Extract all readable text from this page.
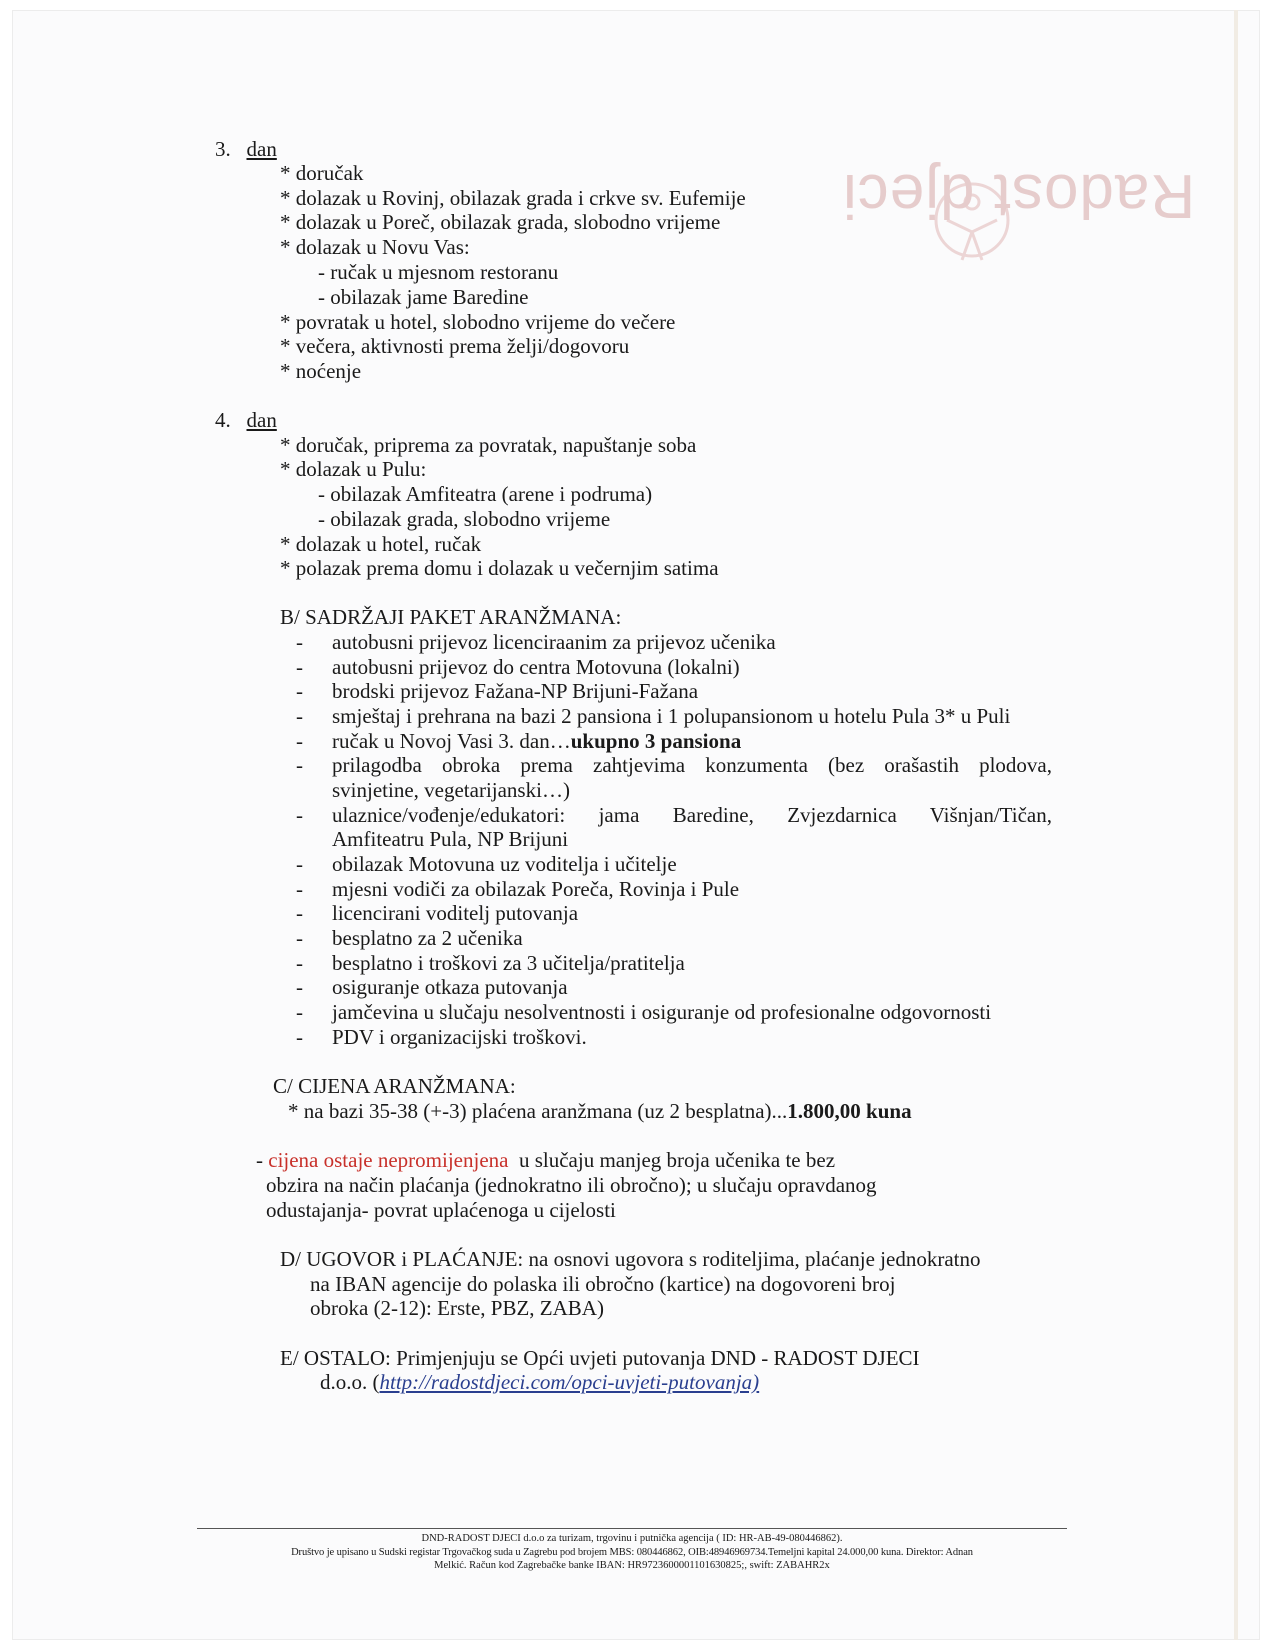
Radost djeci
3. dan
* doručak
* dolazak u Rovinj, obilazak grada i crkve sv. Eufemije
* dolazak u Poreč, obilazak grada, slobodno vrijeme
* dolazak u Novu Vas:
- ručak u mjesnom restoranu
- obilazak jame Baredine
* povratak u hotel, slobodno vrijeme do večere
* večera, aktivnosti prema želji/dogovoru
* noćenje
4. dan
* doručak, priprema za povratak, napuštanje soba
* dolazak u Pulu:
- obilazak Amfiteatra (arene i podruma)
- obilazak grada, slobodno vrijeme
* dolazak u hotel, ručak
* polazak prema domu i dolazak u večernjim satima
B/ SADRŽAJI PAKET ARANŽMANA:
- autobusni prijevoz licenciraanim za prijevoz učenika
- autobusni prijevoz do centra Motovuna (lokalni)
- brodski prijevoz Fažana-NP Brijuni-Fažana
- smještaj i prehrana na bazi 2 pansiona i 1 polupansionom u hotelu Pula 3* u Puli
- ručak u Novoj Vasi 3. dan…ukupno 3 pansiona
- prilagodba obroka prema zahtjevima konzumenta (bez orašastih plodova,
svinjetine, vegetarijanski…)
- ulaznice/vođenje/edukatori: jama Baredine, Zvjezdarnica Višnjan/Tičan,
Amfiteatru Pula, NP Brijuni
- obilazak Motovuna uz voditelja i učitelje
- mjesni vodiči za obilazak Poreča, Rovinja i Pule
- licencirani voditelj putovanja
- besplatno za 2 učenika
- besplatno i troškovi za 3 učitelja/pratitelja
- osiguranje otkaza putovanja
- jamčevina u slučaju nesolventnosti i osiguranje od profesionalne odgovornosti
- PDV i organizacijski troškovi.
C/ CIJENA ARANŽMANA:
* na bazi 35-38 (+-3) plaćena aranžmana (uz 2 besplatna)...1.800,00 kuna
- cijena ostaje nepromijenjena u slučaju manjeg broja učenika te bez
obzira na način plaćanja (jednokratno ili obročno); u slučaju opravdanog
odustajanja- povrat uplaćenoga u cijelosti
D/ UGOVOR i PLAĆANJE: na osnovi ugovora s roditeljima, plaćanje jednokratno
na IBAN agencije do polaska ili obročno (kartice) na dogovoreni broj
obroka (2-12): Erste, PBZ, ZABA)
E/ OSTALO: Primjenjuju se Opći uvjeti putovanja DND - RADOST DJECI
d.o.o. (http://radostdjeci.com/opci-uvjeti-putovanja)
DND-RADOST DJECI d.o.o za turizam, trgovinu i putnička agencija ( ID: HR-AB-49-080446862).
Društvo je upisano u Sudski registar Trgovačkog suda u Zagrebu pod brojem MBS: 080446862, OIB:48946969734.Temeljni kapital 24.000,00 kuna. Direktor: Adnan
Melkić. Račun kod Zagrebačke banke IBAN: HR9723600001101630825;, swift: ZABAHR2x
